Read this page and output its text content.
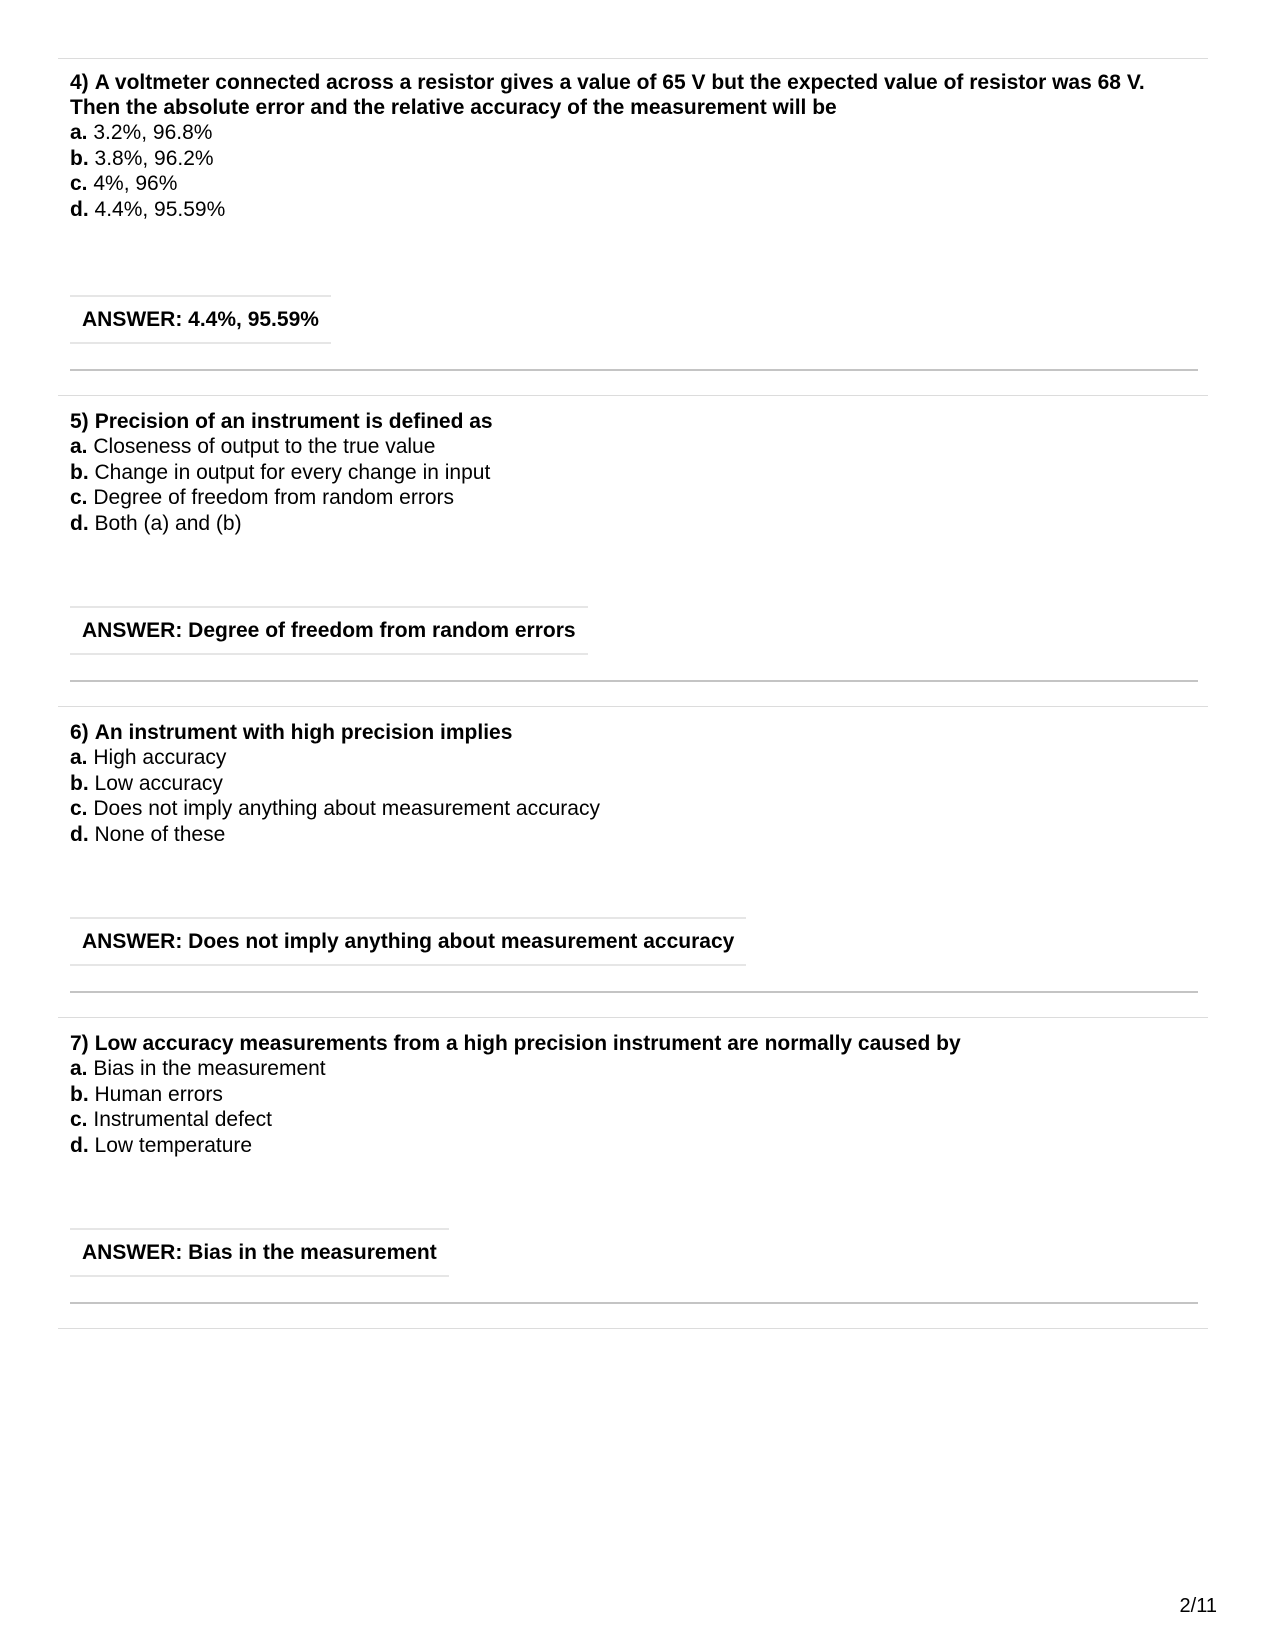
4) A voltmeter connected across a resistor gives a value of 65 V but the expected value of resistor was 68 V. Then the absolute error and the relative accuracy of the measurement will be

a. 3.2%, 96.8%
b. 3.8%, 96.2%
c. 4%, 96%
d. 4.4%, 95.59%
ANSWER: 4.4%, 95.59%

5) Precision of an instrument is defined as

a. Closeness of output to the true value
b. Change in output for every change in input
c. Degree of freedom from random errors
d. Both (a) and (b)
ANSWER: Degree of freedom from random errors

6) An instrument with high precision implies

a. High accuracy
b. Low accuracy
c. Does not imply anything about measurement accuracy
d. None of these
ANSWER: Does not imply anything about measurement accuracy

7) Low accuracy measurements from a high precision instrument are normally caused by

a. Bias in the measurement
b. Human errors
c. Instrumental defect
d. Low temperature
ANSWER: Bias in the measurement
2/11
